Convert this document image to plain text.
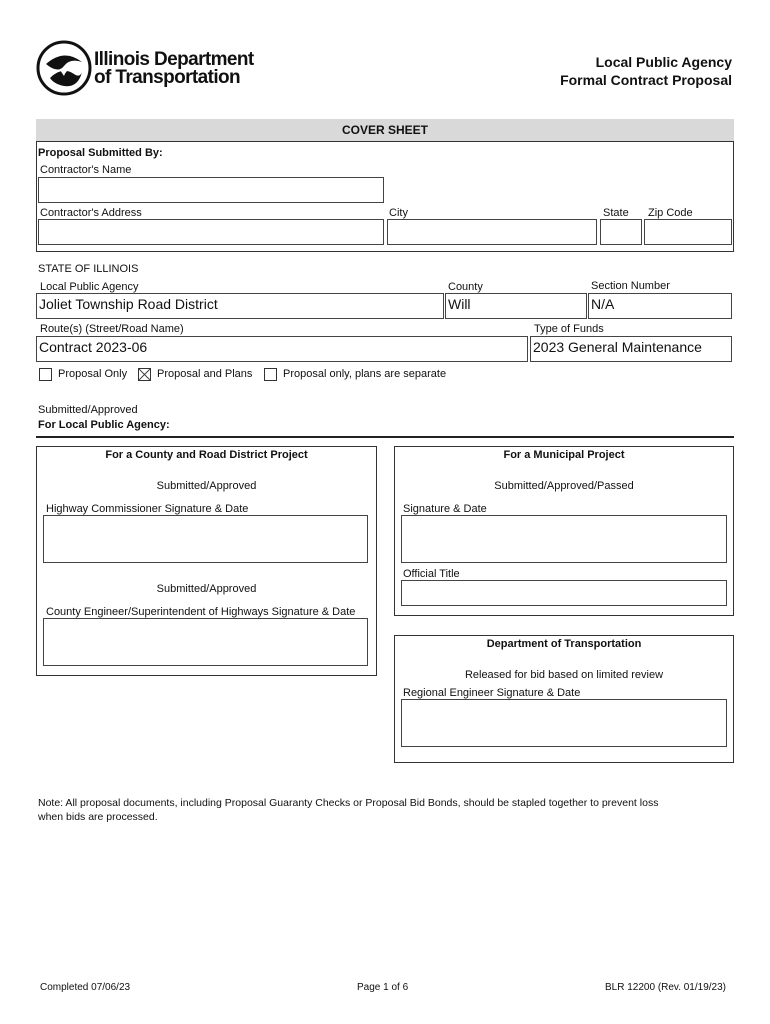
Illinois Department
of Transportation
Local Public Agency
Formal Contract Proposal
COVER SHEET
Proposal Submitted By:
Contractor's Name
Contractor's Address	City	State Zip Code
STATE OF ILLINOIS
Local Public Agency
Joliet Township Road District
County
Will
Section Number
N/A
Route(s) (Street/Road Name)
Contract 2023-06
Type of Funds
2023 General Maintenance
Proposal Only	Proposal and Plans	Proposal only, plans are separate
Submitted/Approved
For Local Public Agency:
For a County and Road District Project
Submitted/Approved
Highway Commissioner Signature & Date
Submitted/Approved
County Engineer/Superintendent of Highways Signature & Date
For a Municipal Project
Submitted/Approved/Passed
Signature & Date
Official Title
Department of Transportation
Released for bid based on limited review
Regional Engineer Signature & Date
Note: All proposal documents, including Proposal Guaranty Checks or Proposal Bid Bonds, should be stapled together to prevent loss
when bids are processed.
Completed 07/06/23	Page 1 of 6	BLR 12200 (Rev. 01/19/23)
